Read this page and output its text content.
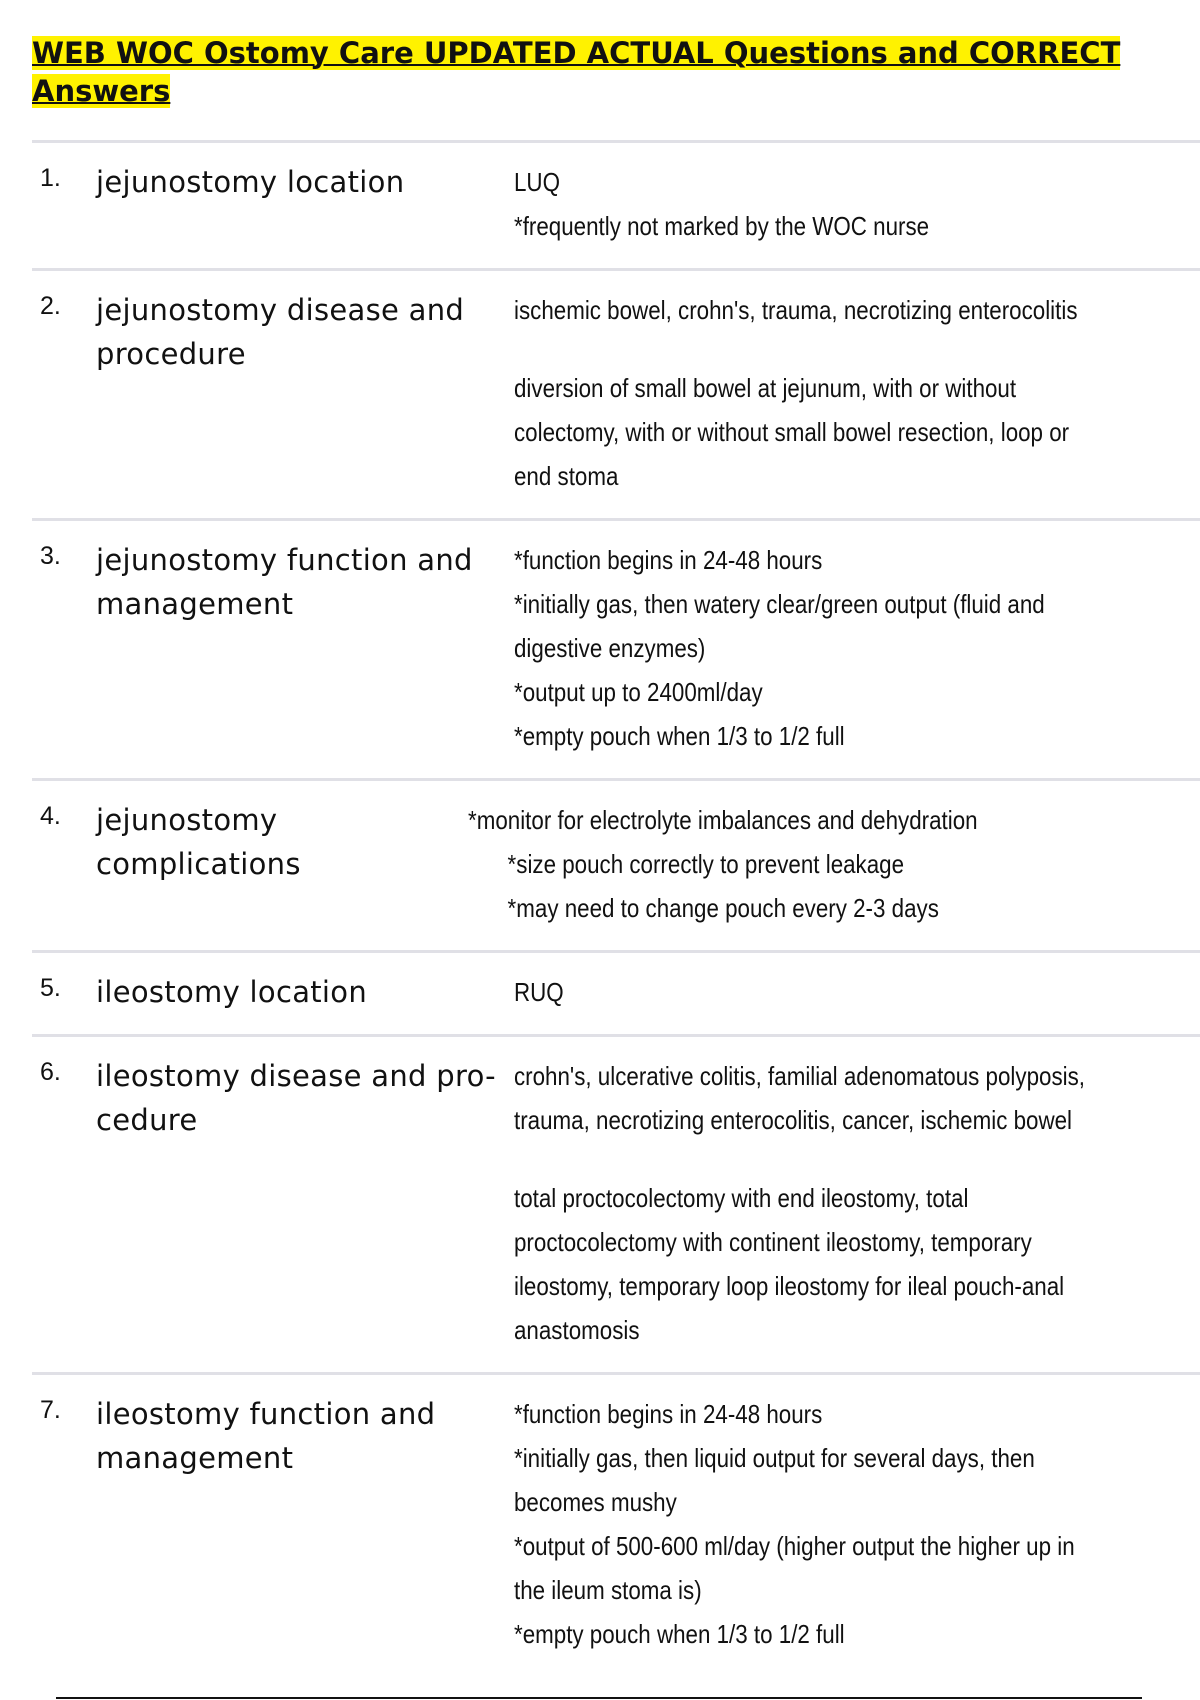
WEB WOC Ostomy Care UPDATED ACTUAL Questions and CORRECT Answers
1.	jejunostomy location	LUQ
*frequently not marked by the WOC nurse
2.	jejunostomy disease and procedure
ischemic bowel, crohn's, trauma, necrotizing enterocolitis
diversion of small bowel at jejunum, with or without colectomy, with or without small bowel resection, loop or end stoma
3.	jejunostomy function and management
*function begins in 24-48 hours
*initially gas, then watery clear/green output (fluid and digestive enzymes)
*output up to 2400ml/day
*empty pouch when 1/3 to 1/2 full
4.	jejunostomy complications
*monitor for electrolyte imbalances and dehydration
*size pouch correctly to prevent leakage
*may need to change pouch every 2-3 days
5.	ileostomy location	RUQ
6.	ileostomy disease and pro-cedure
crohn's, ulcerative colitis, familial adenomatous polyposis, trauma, necrotizing enterocolitis, cancer, ischemic bowel
total proctocolectomy with end ileostomy, total proctocolectomy with continent ileostomy, temporary ileostomy, temporary loop ileostomy for ileal pouch-anal anastomosis
7.	ileostomy function and management
*function begins in 24-48 hours
*initially gas, then liquid output for several days, then becomes mushy
*output of 500-600 ml/day (higher output the higher up in the ileum stoma is)
*empty pouch when 1/3 to 1/2 full
